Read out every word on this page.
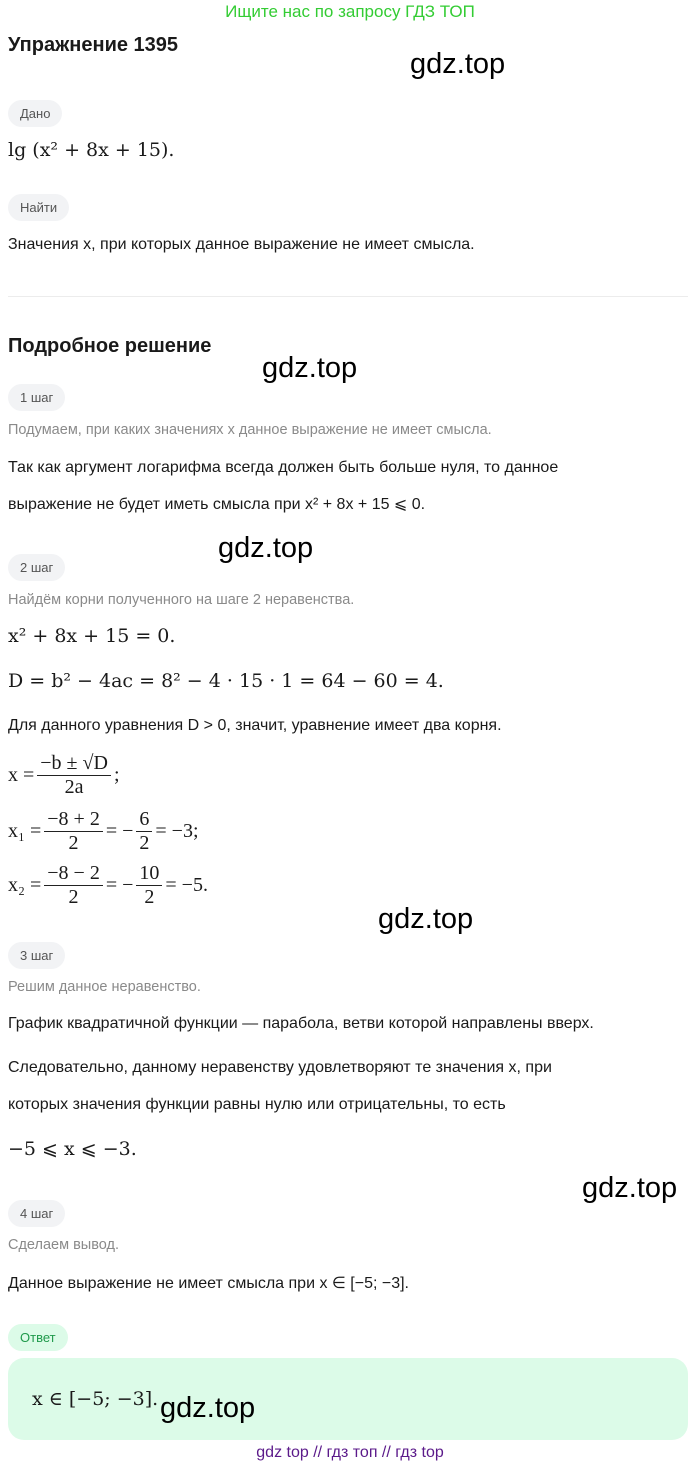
Ищите нас по запросу ГДЗ ТОП
Упражнение 1395
gdz.top
Дано
lg (x² + 8x + 15).
Найти
Значения x, при которых данное выражение не имеет смысла.
Подробное решение
gdz.top
1 шаг
Подумаем, при каких значениях x данное выражение не имеет смысла.
Так как аргумент логарифма всегда должен быть больше нуля, то данное
выражение не будет иметь смысла при x² + 8x + 15 ⩽ 0.
gdz.top
2 шаг
Найдём корни полученного на шаге 2 неравенства.
x² + 8x + 15 = 0.
D = b² − 4ac = 8² − 4 · 15 · 1 = 64 − 60 = 4.
Для данного уравнения D > 0, значит, уравнение имеет два корня.
$x = \frac{-b \pm √D}{2a}$ ;
$x_1 = \frac{-8 + 2}{2}$ = − $\frac{6}{2} = -3$;
$x_2 = \frac{-8 - 2}{2}$ = − $\frac{10}{2} = -5$.
gdz.top
3 шаг
Решим данное неравенство.
График квадратичной функции — парабола, ветви которой направлены вверх.
Следовательно, данному неравенству удовлетворяют те значения x, при
которых значения функции равны нулю или отрицательны, то есть
−5 ⩽ x ⩽ −3.
gdz.top
4 шаг
Сделаем вывод.
Данное выражение не имеет смысла при x ∈ [−5; −3].
Ответ
x ∈ [−5; −3]. gdz.top
gdz top // гдз топ // гдз top
